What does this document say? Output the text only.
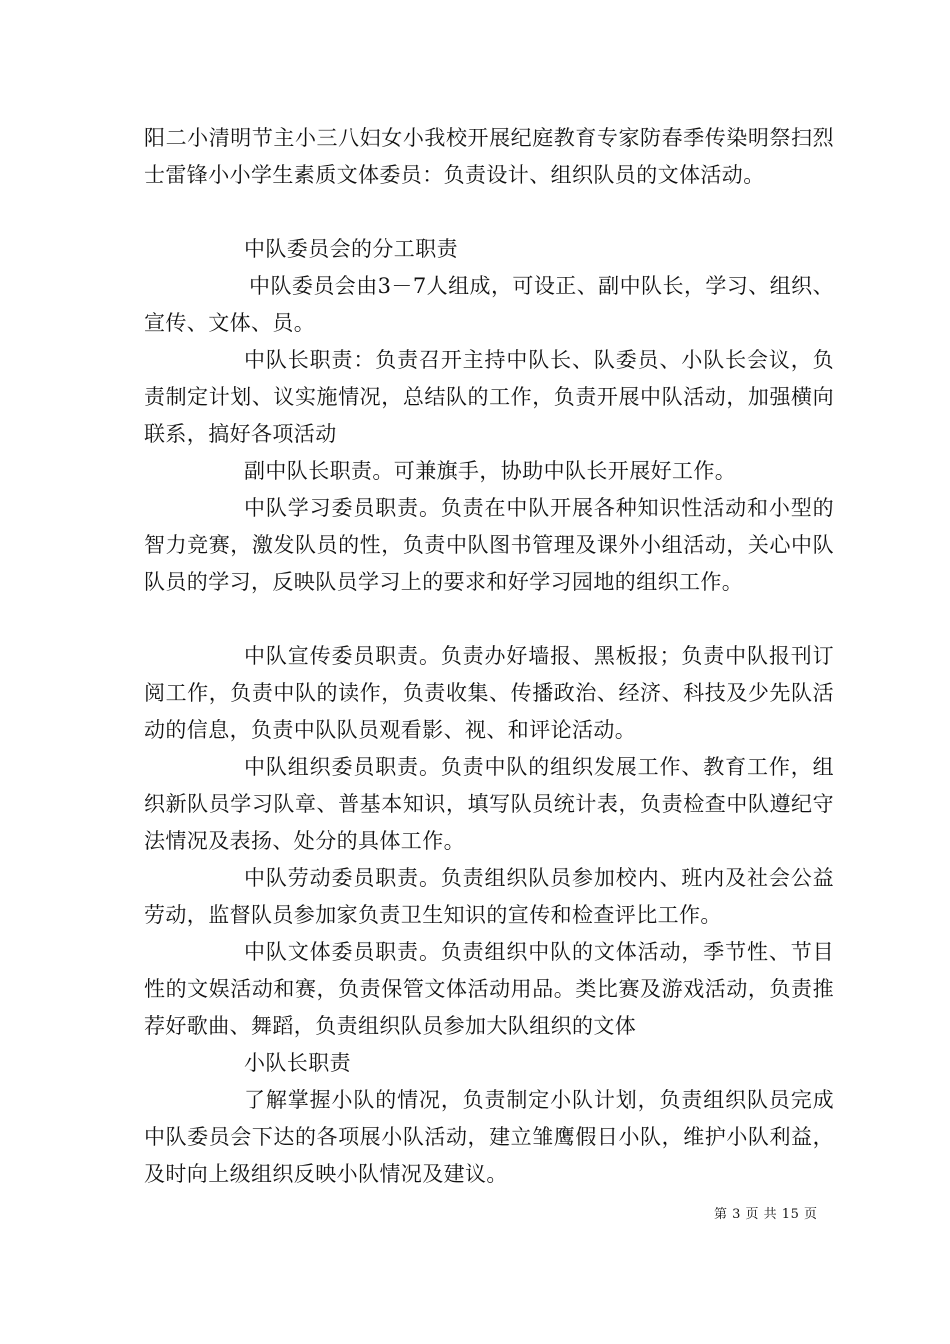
阳二小清明节主小三八妇女小我校开展纪庭教育专家防春季传染明祭扫烈士雷锋小小学生素质文体委员：负责设计、组织队员的文体活动。

中队委员会的分工职责

中队委员会由3－7人组成，可设正、副中队长，学习、组织、宣传、文体、员。

中队长职责：负责召开主持中队长、队委员、小队长会议，负责制定计划、议实施情况，总结队的工作，负责开展中队活动，加强横向联系，搞好各项活动

副中队长职责。可兼旗手，协助中队长开展好工作。

中队学习委员职责。负责在中队开展各种知识性活动和小型的智力竞赛，激发队员的性，负责中队图书管理及课外小组活动，关心中队队员的学习，反映队员学习上的要求和好学习园地的组织工作。

中队宣传委员职责。负责办好墙报、黑板报；负责中队报刊订阅工作，负责中队的读作，负责收集、传播政治、经济、科技及少先队活动的信息，负责中队队员观看影、视、和评论活动。

中队组织委员职责。负责中队的组织发展工作、教育工作，组织新队员学习队章、普基本知识，填写队员统计表，负责检查中队遵纪守法情况及表扬、处分的具体工作。

中队劳动委员职责。负责组织队员参加校内、班内及社会公益劳动，监督队员参加家负责卫生知识的宣传和检查评比工作。

中队文体委员职责。负责组织中队的文体活动，季节性、节目性的文娱活动和赛，负责保管文体活动用品。类比赛及游戏活动，负责推荐好歌曲、舞蹈，负责组织队员参加大队组织的文体

小队长职责

了解掌握小队的情况，负责制定小队计划，负责组织队员完成中队委员会下达的各项展小队活动，建立雏鹰假日小队，维护小队利益，及时向上级组织反映小队情况及建议。

第 3 页 共 15 页
